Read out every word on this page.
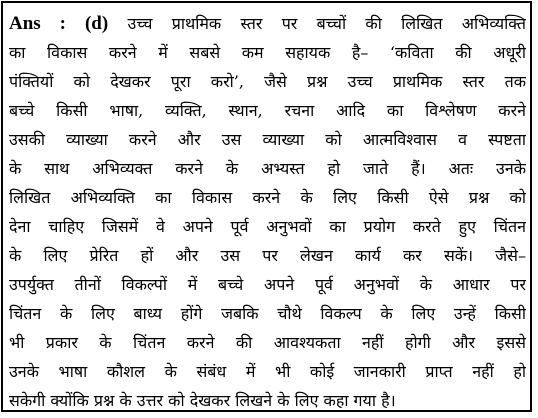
Ans : (d) उच्च प्राथमिक स्तर पर बच्चों की लिखित अभिव्यक्ति
का विकास करने में सबसे कम सहायक है– ‘कविता की अधूरी
पंक्तियों को देखकर पूरा करो’, जैसे प्रश्न उच्च प्राथमिक स्तर तक
बच्चे किसी भाषा, व्यक्ति, स्थान, रचना आदि का विश्लेषण करने
उसकी व्याख्या करने और उस व्याख्या को आत्मविश्वास व स्पष्टता
के साथ अभिव्यक्त करने के अभ्यस्त हो जाते हैं। अतः उनके
लिखित अभिव्यक्ति का विकास करने के लिए किसी ऐसे प्रश्न को
देना चाहिए जिसमें वे अपने पूर्व अनुभवों का प्रयोग करते हुए चिंतन
के लिए प्रेरित हों और उस पर लेखन कार्य कर सकें। जैसे–
उपर्युक्त तीनों विकल्पों में बच्चे अपने पूर्व अनुभवों के आधार पर
चिंतन के लिए बाध्य होंगे जबकि चौथे विकल्प के लिए उन्हें किसी
भी प्रकार के चिंतन करने की आवश्यकता नहीं होगी और इससे
उनके भाषा कौशल के संबंध में भी कोई जानकारी प्राप्त नहीं हो
सकेगी क्योंकि प्रश्न के उत्तर को देखकर लिखने के लिए कहा गया है।
